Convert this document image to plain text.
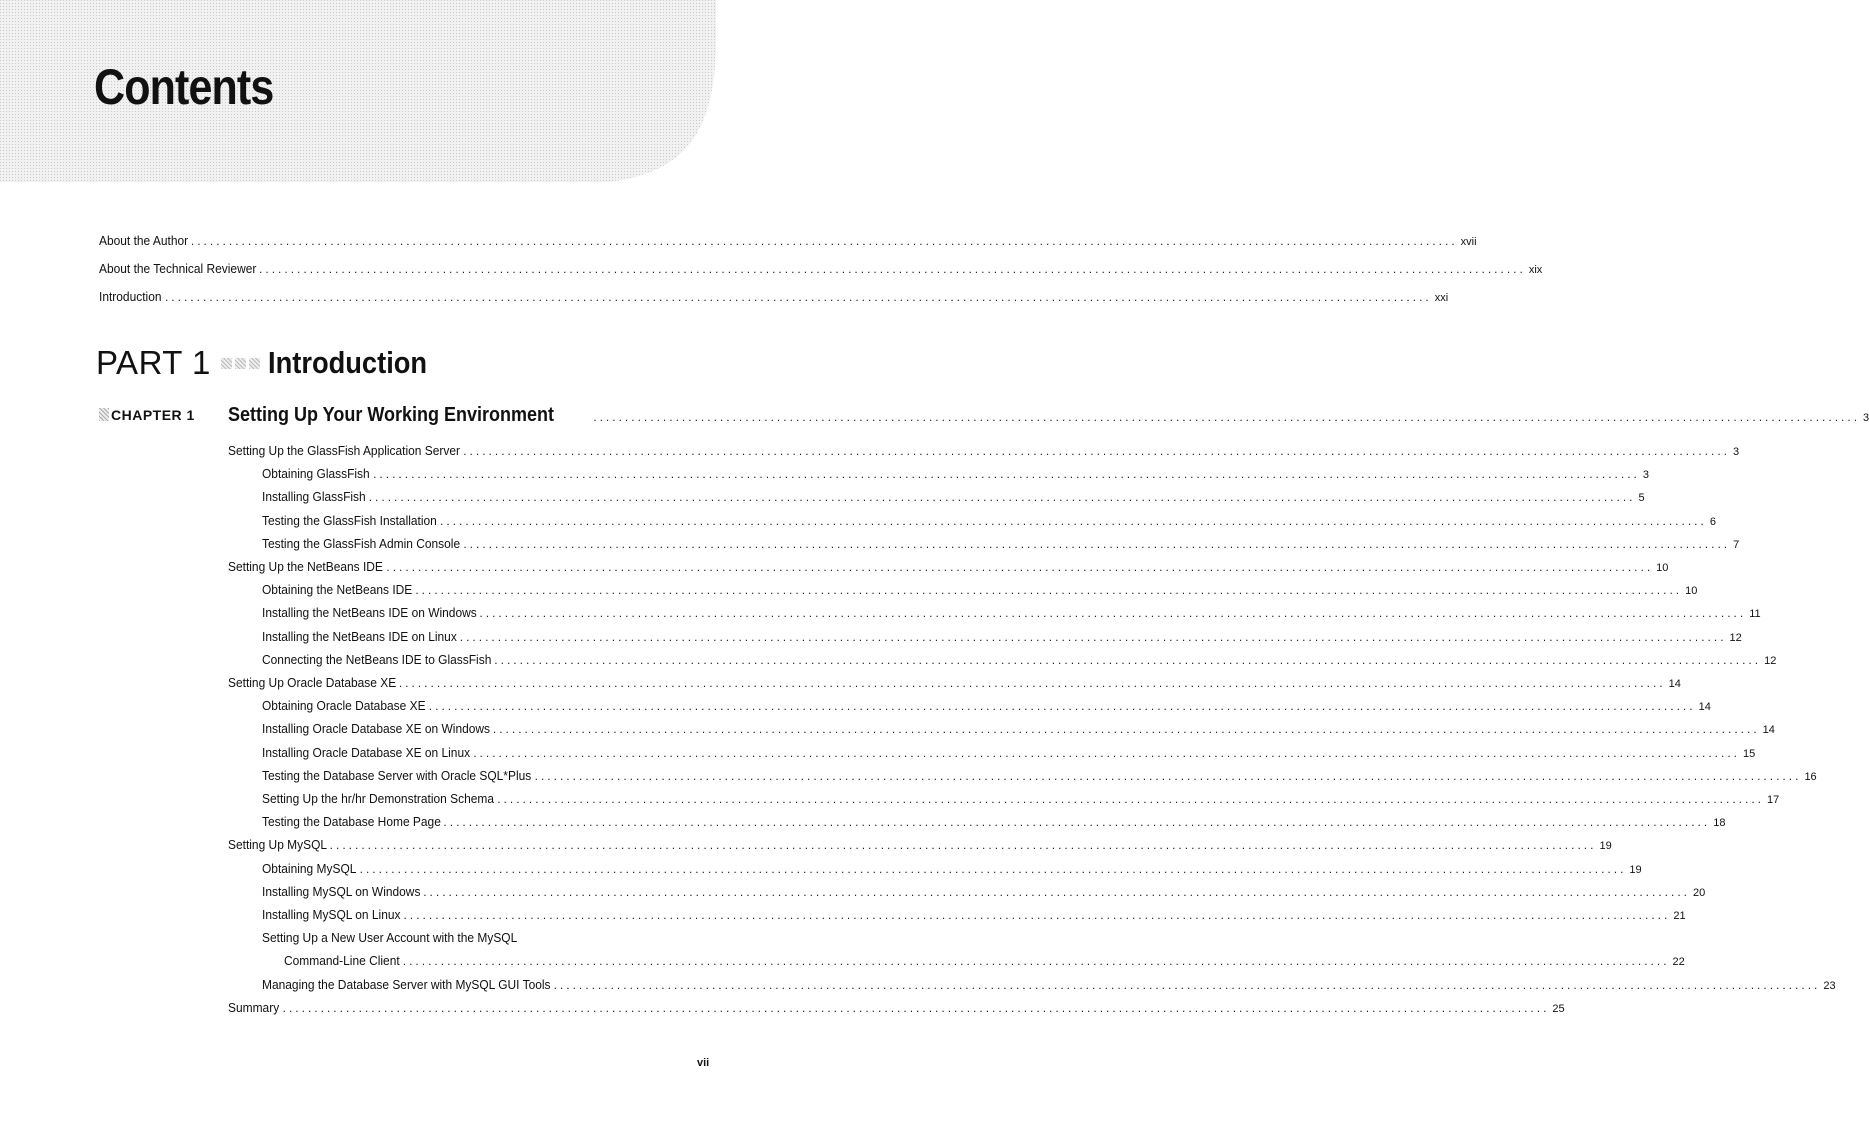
Contents
About the Author ........................................................................................................................................................................................................ xvii
About the Technical Reviewer ........................................................................................................................................................................................................ xix
Introduction ........................................................................................................................................................................................................ xxi
PART 1 Introduction
CHAPTER 1 Setting Up Your Working Environment	........................................................................................................................................................................................................ 3
Setting Up the GlassFish Application Server ........................................................................................................................................................................................................ 3
Obtaining GlassFish ........................................................................................................................................................................................................ 3
Installing GlassFish ........................................................................................................................................................................................................ 5
Testing the GlassFish Installation ........................................................................................................................................................................................................ 6
Testing the GlassFish Admin Console ........................................................................................................................................................................................................ 7
Setting Up the NetBeans IDE ........................................................................................................................................................................................................ 10
Obtaining the NetBeans IDE ........................................................................................................................................................................................................ 10
Installing the NetBeans IDE on Windows ........................................................................................................................................................................................................ 11
Installing the NetBeans IDE on Linux ........................................................................................................................................................................................................ 12
Connecting the NetBeans IDE to GlassFish ........................................................................................................................................................................................................ 12
Setting Up Oracle Database XE ........................................................................................................................................................................................................ 14
Obtaining Oracle Database XE ........................................................................................................................................................................................................ 14
Installing Oracle Database XE on Windows ........................................................................................................................................................................................................ 14
Installing Oracle Database XE on Linux ........................................................................................................................................................................................................ 15
Testing the Database Server with Oracle SQL*Plus ........................................................................................................................................................................................................ 16
Setting Up the hr/hr Demonstration Schema ........................................................................................................................................................................................................ 17
Testing the Database Home Page ........................................................................................................................................................................................................ 18
Setting Up MySQL ........................................................................................................................................................................................................ 19
Obtaining MySQL ........................................................................................................................................................................................................ 19
Installing MySQL on Windows ........................................................................................................................................................................................................ 20
Installing MySQL on Linux ........................................................................................................................................................................................................ 21
Setting Up a New User Account with the MySQL
Command-Line Client ........................................................................................................................................................................................................ 22
Managing the Database Server with MySQL GUI Tools ........................................................................................................................................................................................................ 23
Summary ........................................................................................................................................................................................................ 25
vii
